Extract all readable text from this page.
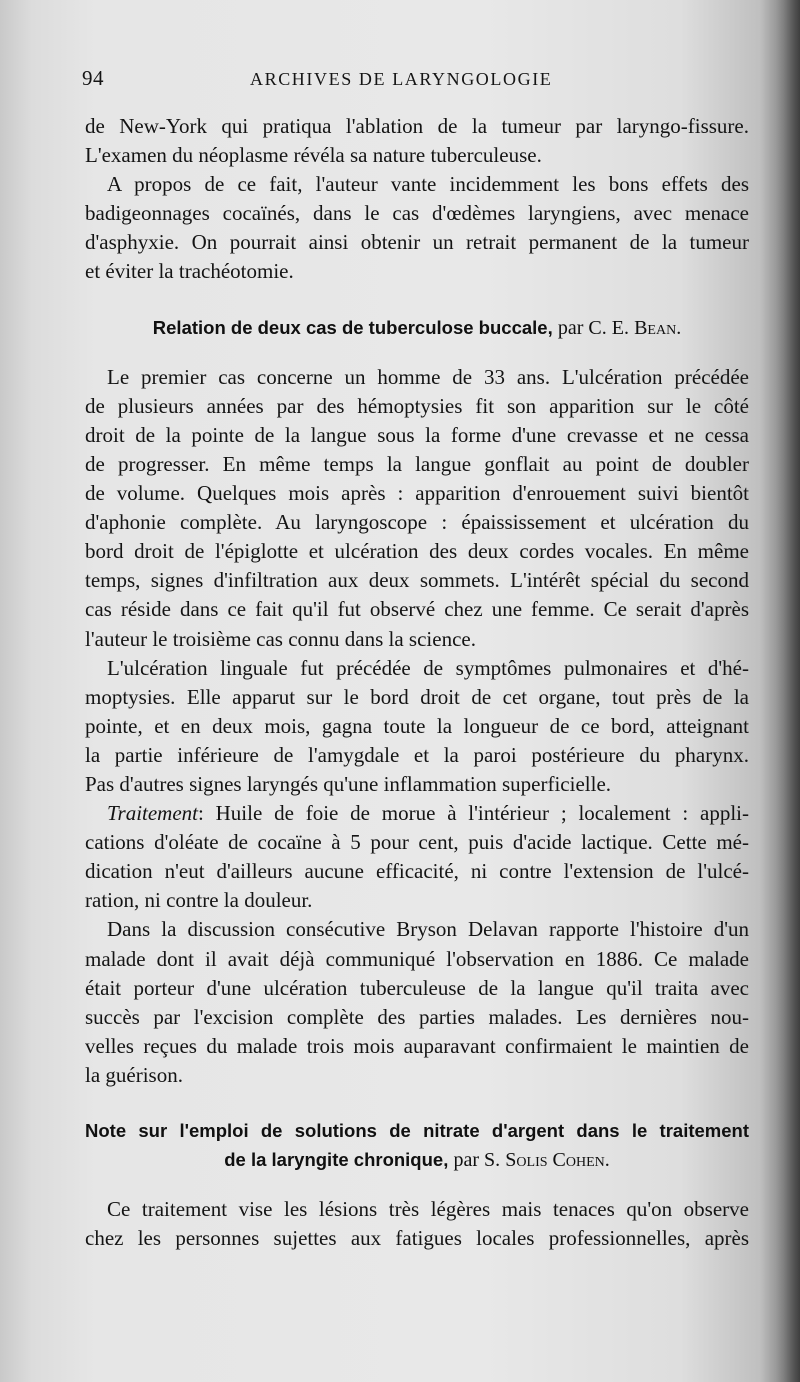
94	ARCHIVES DE LARYNGOLOGIE
de New-York qui pratiqua l'ablation de la tumeur par laryngo-fissure.
L'examen du néoplasme révéla sa nature tuberculeuse.
A propos de ce fait, l'auteur vante incidemment les bons effets des
badigeonnages cocaïnés, dans le cas d'œdèmes laryngiens, avec menace
d'asphyxie. On pourrait ainsi obtenir un retrait permanent de la tumeur
et éviter la trachéotomie.
Relation de deux cas de tuberculose buccale, par C. E. Bean.
Le premier cas concerne un homme de 33 ans. L'ulcération précédée
de plusieurs années par des hémoptysies fit son apparition sur le côté
droit de la pointe de la langue sous la forme d'une crevasse et ne cessa
de progresser. En même temps la langue gonflait au point de doubler
de volume. Quelques mois après : apparition d'enrouement suivi bientôt
d'aphonie complète. Au laryngoscope : épaississement et ulcération du
bord droit de l'épiglotte et ulcération des deux cordes vocales. En même
temps, signes d'infiltration aux deux sommets. L'intérêt spécial du second
cas réside dans ce fait qu'il fut observé chez une femme. Ce serait d'après
l'auteur le troisième cas connu dans la science.
L'ulcération linguale fut précédée de symptômes pulmonaires et d'hé-
moptysies. Elle apparut sur le bord droit de cet organe, tout près de la
pointe, et en deux mois, gagna toute la longueur de ce bord, atteignant
la partie inférieure de l'amygdale et la paroi postérieure du pharynx.
Pas d'autres signes laryngés qu'une inflammation superficielle.
Traitement: Huile de foie de morue à l'intérieur ; localement : appli-
cations d'oléate de cocaïne à 5 pour cent, puis d'acide lactique. Cette mé-
dication n'eut d'ailleurs aucune efficacité, ni contre l'extension de l'ulcé-
ration, ni contre la douleur.
Dans la discussion consécutive Bryson Delavan rapporte l'histoire d'un
malade dont il avait déjà communiqué l'observation en 1886. Ce malade
était porteur d'une ulcération tuberculeuse de la langue qu'il traita avec
succès par l'excision complète des parties malades. Les dernières nou-
velles reçues du malade trois mois auparavant confirmaient le maintien de
la guérison.
Note sur l'emploi de solutions de nitrate d'argent dans le traitement
de la laryngite chronique, par S. Solis Cohen.
Ce traitement vise les lésions très légères mais tenaces qu'on observe
chez les personnes sujettes aux fatigues locales professionnelles, après
